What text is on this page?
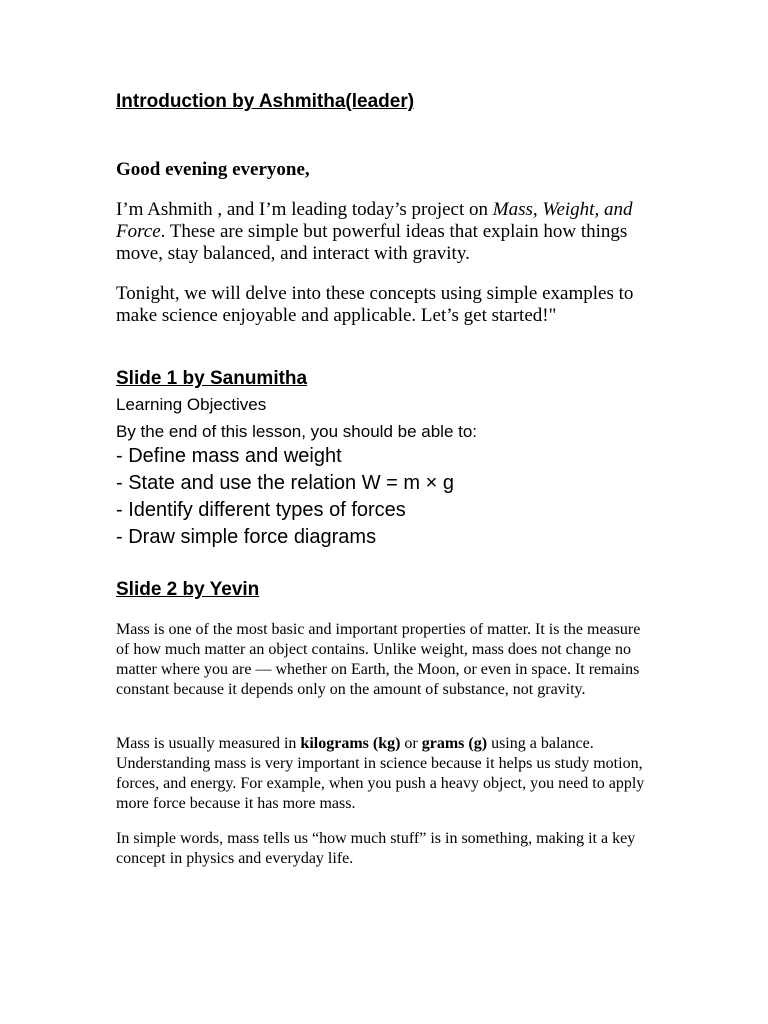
Introduction by Ashmitha(leader)
Good evening everyone,

I’m Ashmith , and I’m leading today’s project on Mass, Weight, and Force. These are simple but powerful ideas that explain how things move, stay balanced, and interact with gravity.

Tonight, we will delve into these concepts using simple examples to make science enjoyable and applicable. Let’s get started!"

Slide 1 by Sanumitha
Learning Objectives
By the end of this lesson, you should be able to:
- Define mass and weight
- State and use the relation W = m × g
- Identify different types of forces
- Draw simple force diagrams
Slide 2 by Yevin

Mass is one of the most basic and important properties of matter. It is the measure of how much matter an object contains. Unlike weight, mass does not change no matter where you are — whether on Earth, the Moon, or even in space. It remains constant because it depends only on the amount of substance, not gravity.

Mass is usually measured in kilograms (kg) or grams (g) using a balance. Understanding mass is very important in science because it helps us study motion, forces, and energy. For example, when you push a heavy object, you need to apply more force because it has more mass.

In simple words, mass tells us “how much stuff” is in something, making it a key concept in physics and everyday life.
